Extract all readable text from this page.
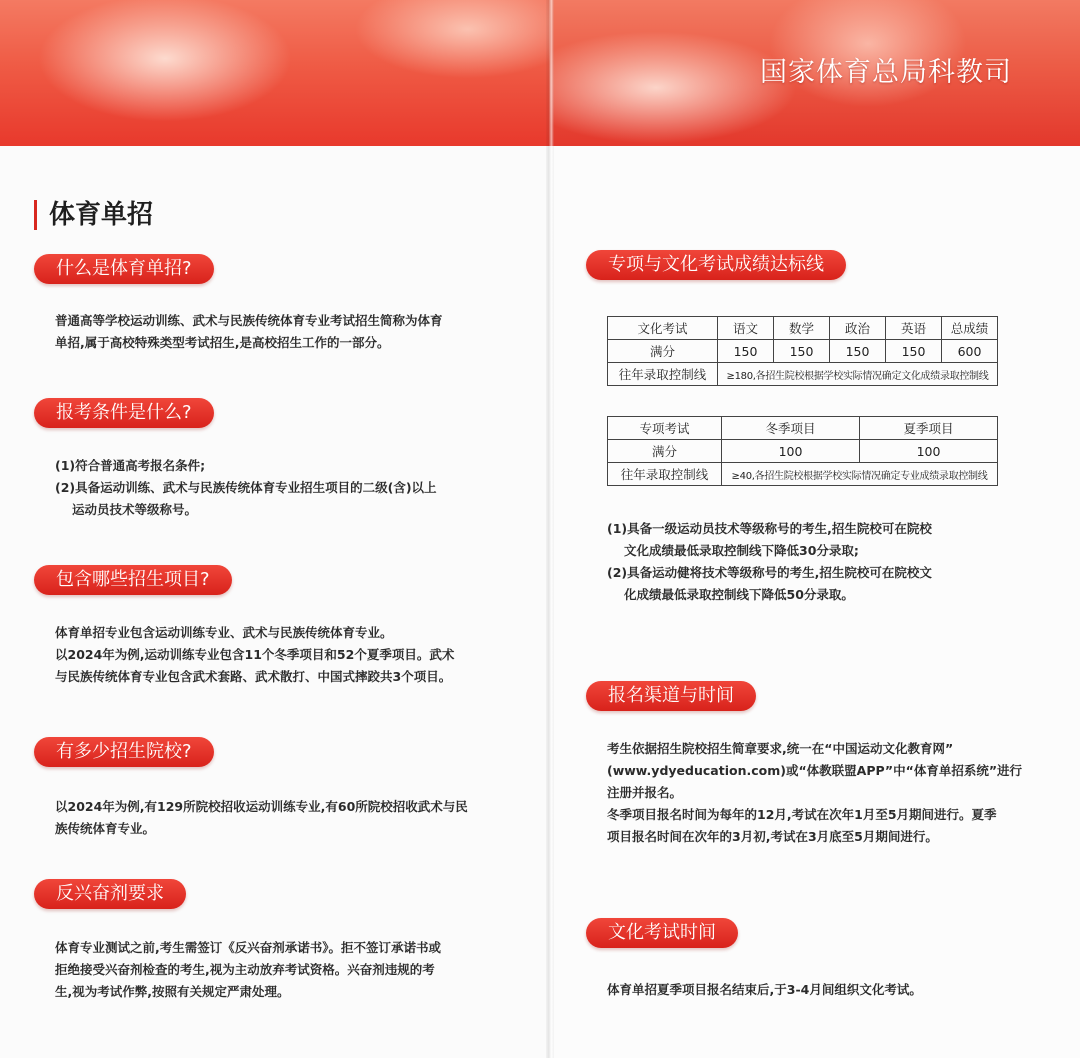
体育单招
什么是体育单招?
普通高等学校运动训练、武术与民族传统体育专业考试招生简称为体育
单招,属于高校特殊类型考试招生,是高校招生工作的一部分。
报考条件是什么?
(1)符合普通高考报名条件;
(2)具备运动训练、武术与民族传统体育专业招生项目的二级(含)以上
运动员技术等级称号。
包含哪些招生项目?
体育单招专业包含运动训练专业、武术与民族传统体育专业。
以2024年为例,运动训练专业包含11个冬季项目和52个夏季项目。武术
与民族传统体育专业包含武术套路、武术散打、中国式摔跤共3个项目。
有多少招生院校?
以2024年为例,有129所院校招收运动训练专业,有60所院校招收武术与民
族传统体育专业。
反兴奋剂要求
体育专业测试之前,考生需签订《反兴奋剂承诺书》。拒不签订承诺书或
拒绝接受兴奋剂检查的考生,视为主动放弃考试资格。兴奋剂违规的考
生,视为考试作弊,按照有关规定严肃处理。
国家体育总局科教司
专项与文化考试成绩达标线
文化考试	语文	数学	政治	英语	总成绩
满分	150	150	150	150	600
往年录取控制线	≥180,各招生院校根据学校实际情况确定文化成绩录取控制线				
专项考试	冬季项目	夏季项目
满分	100	100
往年录取控制线	≥40,各招生院校根据学校实际情况确定专业成绩录取控制线	
(1)具备一级运动员技术等级称号的考生,招生院校可在院校
文化成绩最低录取控制线下降低30分录取;
(2)具备运动健将技术等级称号的考生,招生院校可在院校文
化成绩最低录取控制线下降低50分录取。
报名渠道与时间
考生依据招生院校招生简章要求,统一在“中国运动文化教育网”
(www.ydyeducation.com)或“体教联盟APP”中“体育单招系统”进行
注册并报名。
冬季项目报名时间为每年的12月,考试在次年1月至5月期间进行。夏季
项目报名时间在次年的3月初,考试在3月底至5月期间进行。
文化考试时间
体育单招夏季项目报名结束后,于3-4月间组织文化考试。
